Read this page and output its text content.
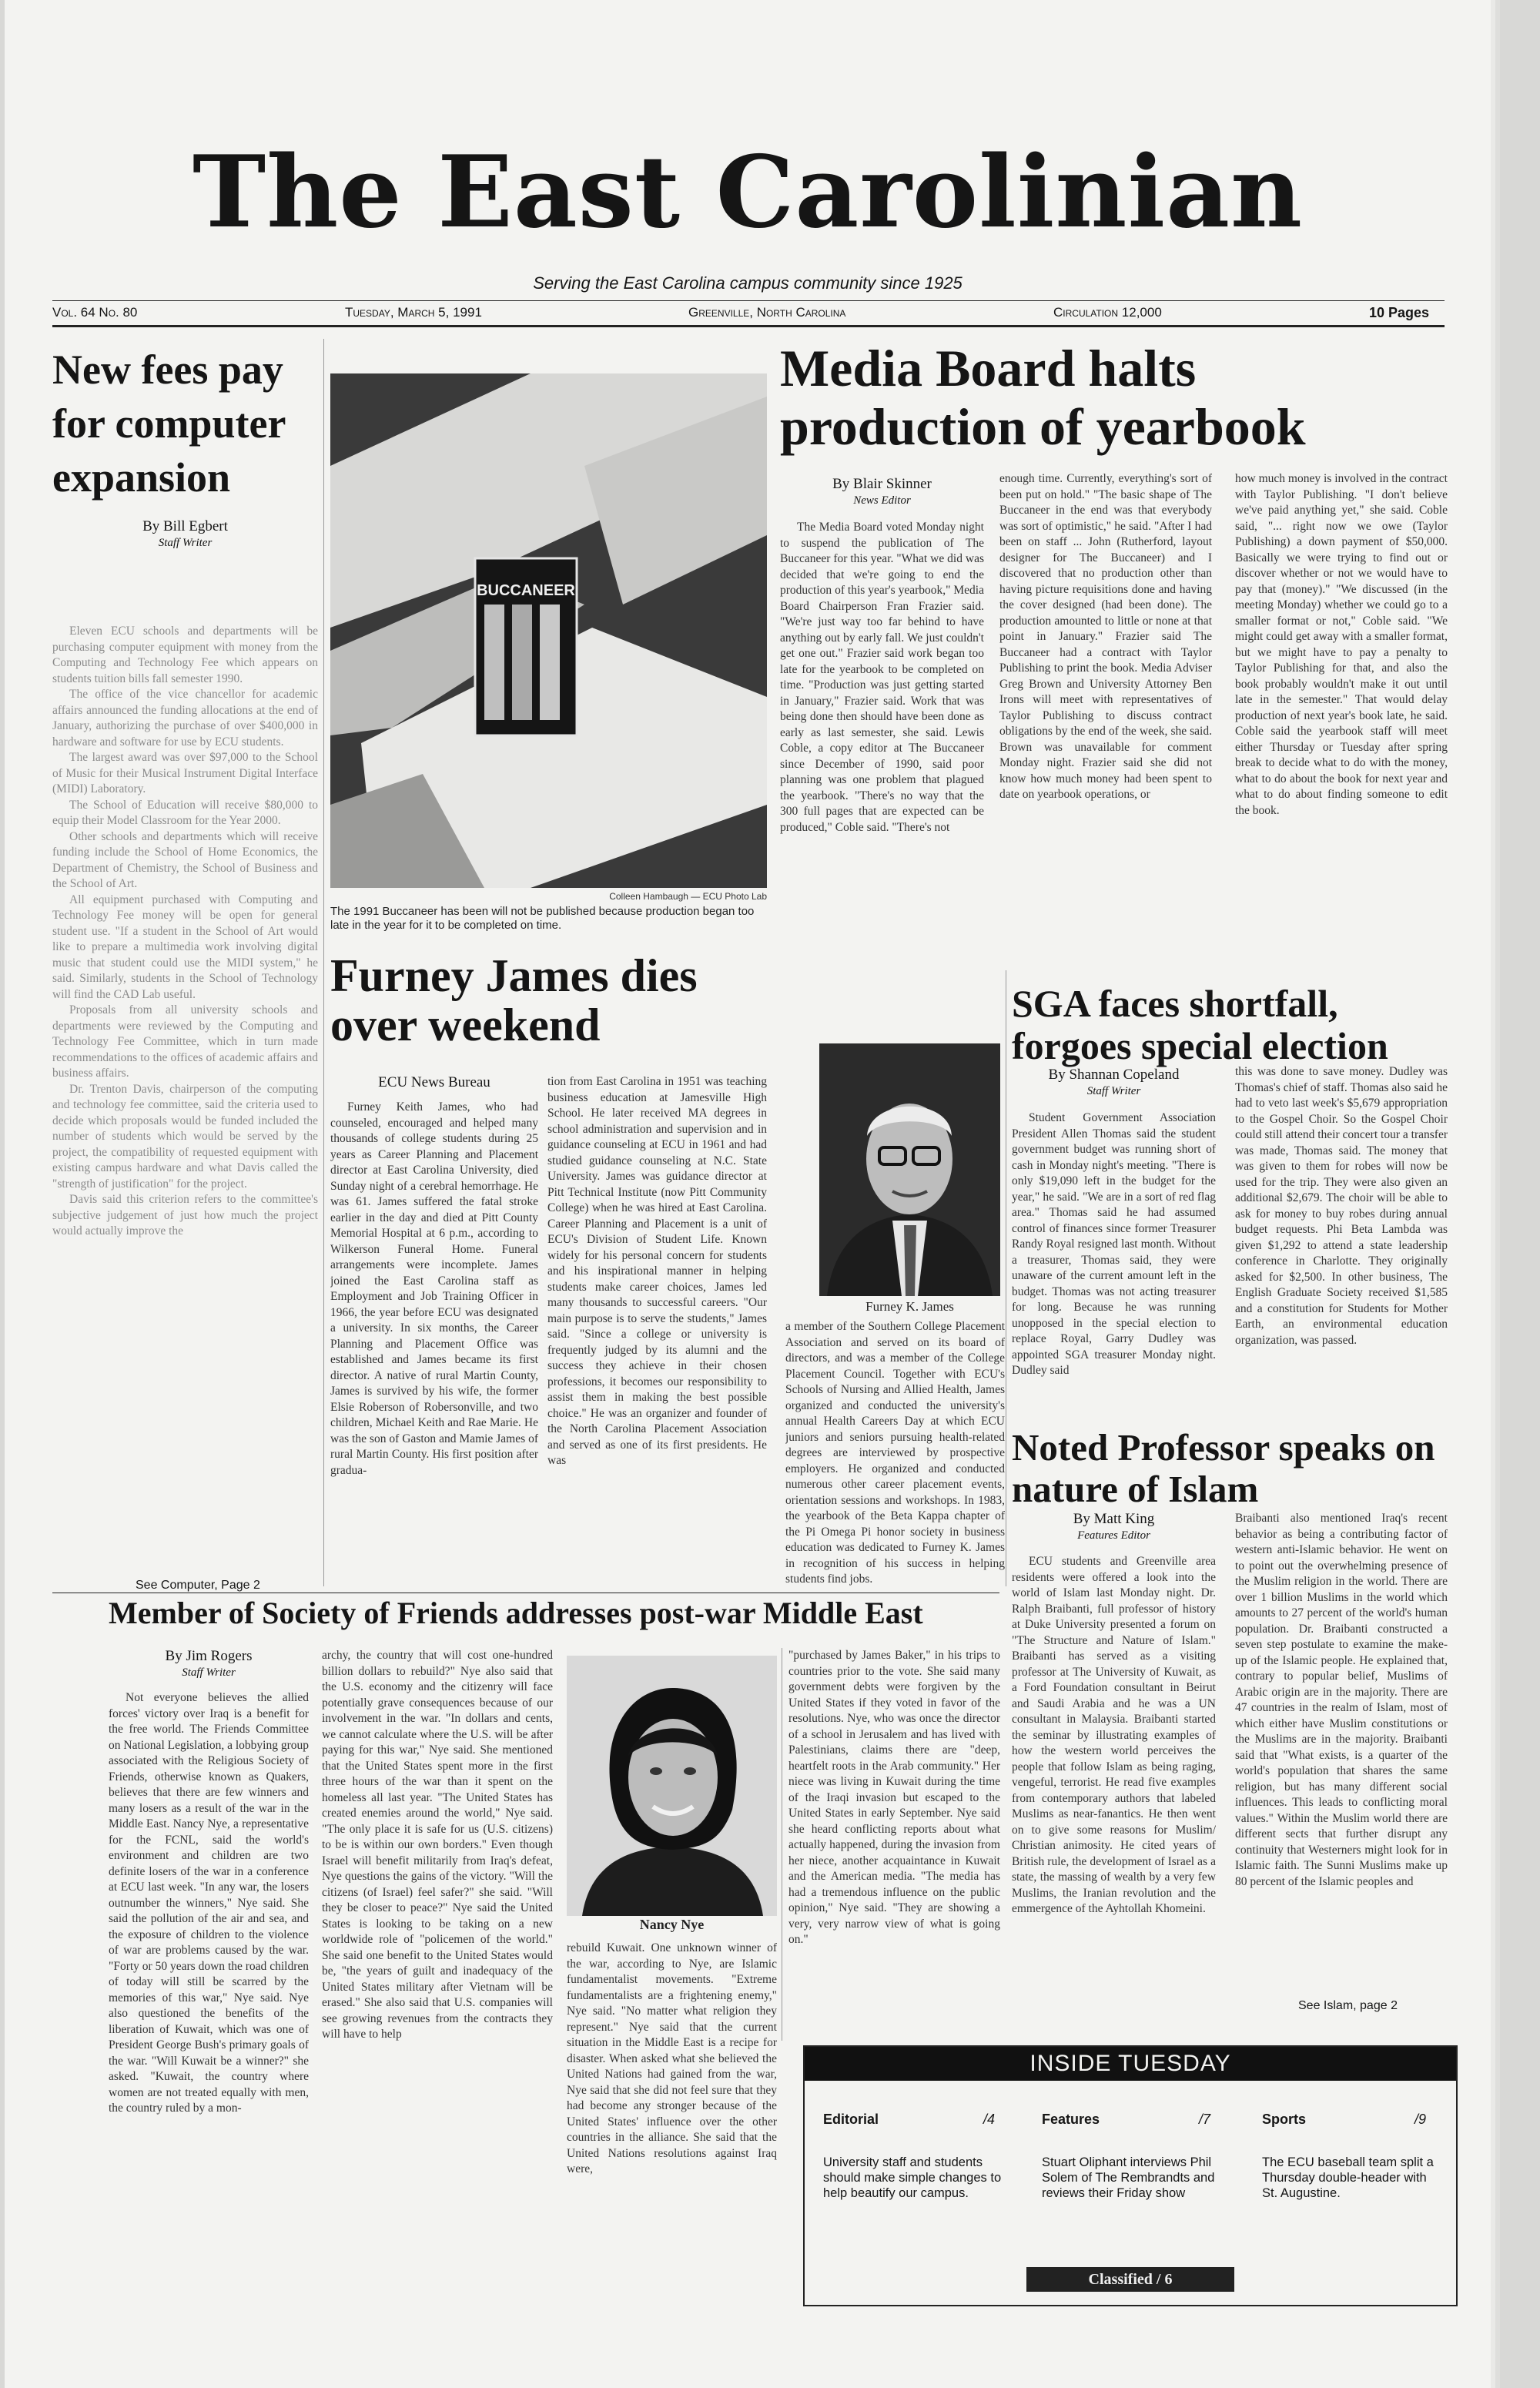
The East Carolinian
Serving the East Carolina campus community since 1925
Vol. 64 No. 80	Tuesday, March 5, 1991	Greenville, North Carolina	Circulation 12,000	10 Pages
New fees pay for computer expansion
By Bill Egbert
Staff Writer

Eleven ECU schools and departments will be purchasing computer equipment with money from the Computing and Technology Fee which appears on students tuition bills fall semester 1990.

The office of the vice chancellor for academic affairs announced the funding allocations at the end of January, authorizing the purchase of over $400,000 in hardware and software for use by ECU students.

The largest award was over $97,000 to the School of Music for their Musical Instrument Digital Interface (MIDI) Laboratory.

The School of Education will receive $80,000 to equip their Model Classroom for the Year 2000.

Other schools and departments which will receive funding include the School of Home Economics, the Department of Chemistry, the School of Business and the School of Art.

All equipment purchased with Computing and Technology Fee money will be open for general student use. "If a student in the School of Art would like to prepare a multimedia work involving digital music that student could use the MIDI system," he said. Similarly, students in the School of Technology will find the CAD Lab useful.

Proposals from all university schools and departments were reviewed by the Computing and Technology Fee Committee, which in turn made recommendations to the offices of academic affairs and business affairs.

Dr. Trenton Davis, chairperson of the computing and technology fee committee, said the criteria used to decide which proposals would be funded included the number of students which would be served by the project, the compatibility of requested equipment with existing campus hardware and what Davis called the "strength of justification" for the project.

Davis said this criterion refers to the committee's subjective judgement of just how much the project would actually improve the

See Computer, Page 2
BUCCANEER
Colleen Hambaugh — ECU Photo Lab
The 1991 Buccaneer has been will not be published because production began too late in the year for it to be completed on time.
Media Board halts production of yearbook
By Blair Skinner
News Editor

The Media Board voted Monday night to suspend the publication of The Buccaneer for this year. "What we did was decided that we're going to end the production of this year's yearbook," Media Board Chairperson Fran Frazier said. "We're just way too far behind to have anything out by early fall. We just couldn't get one out." Frazier said work began too late for the yearbook to be completed on time. "Production was just getting started in January," Frazier said. Work that was being done then should have been done as early as last semester, she said. Lewis Coble, a copy editor at The Buccaneer since December of 1990, said poor planning was one problem that plagued the yearbook. "There's no way that the 300 full pages that are expected can be produced," Coble said. "There's not

enough time. Currently, everything's sort of been put on hold." "The basic shape of The Buccaneer in the end was that everybody was sort of optimistic," he said. "After I had been on staff ... John (Rutherford, layout designer for The Buccaneer) and I discovered that no production other than having picture requisitions done and having the cover designed (had been done). The production amounted to little or none at that point in January." Frazier said The Buccaneer had a contract with Taylor Publishing to print the book. Media Adviser Greg Brown and University Attorney Ben Irons will meet with representatives of Taylor Publishing to discuss contract obligations by the end of the week, she said. Brown was unavailable for comment Monday night. Frazier said she did not know how much money had been spent to date on yearbook operations, or

how much money is involved in the contract with Taylor Publishing. "I don't believe we've paid anything yet," she said. Coble said, "... right now we owe (Taylor Publishing) a down payment of $50,000. Basically we were trying to find out or discover whether or not we would have to pay that (money)." "We discussed (in the meeting Monday) whether we could go to a smaller format or not," Coble said. "We might could get away with a smaller format, but we might have to pay a penalty to Taylor Publishing for that, and also the book probably wouldn't make it out until late in the semester." That would delay production of next year's book late, he said. Coble said the yearbook staff will meet either Thursday or Tuesday after spring break to decide what to do with the money, what to do about the book for next year and what to do about finding someone to edit the book.

Furney James dies over weekend
ECU News Bureau

Furney Keith James, who had counseled, encouraged and helped many thousands of college students during 25 years as Career Planning and Placement director at East Carolina University, died Sunday night of a cerebral hemorrhage. He was 61. James suffered the fatal stroke earlier in the day and died at Pitt County Memorial Hospital at 6 p.m., according to Wilkerson Funeral Home. Funeral arrangements were incomplete. James joined the East Carolina staff as Employment and Job Training Officer in 1966, the year before ECU was designated a university. In six months, the Career Planning and Placement Office was established and James became its first director. A native of rural Martin County, James is survived by his wife, the former Elsie Roberson of Robersonville, and two children, Michael Keith and Rae Marie. He was the son of Gaston and Mamie James of rural Martin County. His first position after gradua-

tion from East Carolina in 1951 was teaching business education at Jamesville High School. He later received MA degrees in school administration and supervision and in guidance counseling at ECU in 1961 and had studied guidance counseling at N.C. State University. James was guidance director at Pitt Technical Institute (now Pitt Community College) when he was hired at East Carolina. Career Planning and Placement is a unit of ECU's Division of Student Life. Known widely for his personal concern for students and his inspirational manner in helping students make career choices, James led many thousands to successful careers. "Our main purpose is to serve the students," James said. "Since a college or university is frequently judged by its alumni and the success they achieve in their chosen professions, it becomes our responsibility to assist them in making the best possible choice." He was an organizer and founder of the North Carolina Placement Association and served as one of its first presidents. He was

Furney K. James

a member of the Southern College Placement Association and served on its board of directors, and was a member of the College Placement Council. Together with ECU's Schools of Nursing and Allied Health, James organized and conducted the university's annual Health Careers Day at which ECU juniors and seniors pursuing health-related degrees are interviewed by prospective employers. He organized and conducted numerous other career placement events, orientation sessions and workshops. In 1983, the yearbook of the Beta Kappa chapter of the Pi Omega Pi honor society in business education was dedicated to Furney K. James in recognition of his success in helping students find jobs.

SGA faces shortfall, forgoes special election
By Shannan Copeland
Staff Writer

Student Government Association President Allen Thomas said the student government budget was running short of cash in Monday night's meeting. "There is only $19,090 left in the budget for the year," he said. "We are in a sort of red flag area." Thomas said he had assumed control of finances since former Treasurer Randy Royal resigned last month. Without a treasurer, Thomas said, they were unaware of the current amount left in the budget. Thomas was not acting treasurer for long. Because he was running unopposed in the special election to replace Royal, Garry Dudley was appointed SGA treasurer Monday night. Dudley said

this was done to save money. Dudley was Thomas's chief of staff. Thomas also said he had to veto last week's $5,679 appropriation to the Gospel Choir. So the Gospel Choir could still attend their concert tour a transfer was made, Thomas said. The money that was given to them for robes will now be used for the trip. They were also given an additional $2,679. The choir will be able to ask for money to buy robes during annual budget requests. Phi Beta Lambda was given $1,292 to attend a state leadership conference in Charlotte. They originally asked for $2,500. In other business, The English Graduate Society received $1,585 and a constitution for Students for Mother Earth, an environmental education organization, was passed.

Noted Professor speaks on nature of Islam
By Matt King
Features Editor

ECU students and Greenville area residents were offered a look into the world of Islam last Monday night. Dr. Ralph Braibanti, full professor of history at Duke University presented a forum on "The Structure and Nature of Islam." Braibanti has served as a visiting professor at The University of Kuwait, as a Ford Foundation consultant in Beirut and Saudi Arabia and he was a UN consultant in Malaysia. Braibanti started the seminar by illustrating examples of how the western world perceives the people that follow Islam as being raging, vengeful, terrorist. He read five examples from contemporary authors that labeled Muslims as near-fanantics. He then went on to give some reasons for Muslim/ Christian animosity. He cited years of British rule, the development of Israel as a state, the massing of wealth by a very few Muslims, the Iranian revolution and the emmergence of the Ayhtollah Khomeini.

Braibanti also mentioned Iraq's recent behavior as being a contributing factor of western anti-Islamic behavior. He went on to point out the overwhelming presence of the Muslim religion in the world. There are over 1 billion Muslims in the world which amounts to 27 percent of the world's human population. Dr. Braibanti constructed a seven step postulate to examine the make-up of the Islamic people. He explained that, contrary to popular belief, Muslims of Arabic origin are in the majority. There are 47 countries in the realm of Islam, most of which either have Muslim constitutions or the Muslims are in the majority. Braibanti said that "What exists, is a quarter of the world's population that shares the same religion, but has many different social influences. This leads to conflicting moral values." Within the Muslim world there are different sects that further disrupt any continuity that Westerners might look for in Islamic faith. The Sunni Muslims make up 80 percent of the Islamic peoples and

See Islam, page 2
Member of Society of Friends addresses post-war Middle East
By Jim Rogers
Staff Writer

Not everyone believes the allied forces' victory over Iraq is a benefit for the free world. The Friends Committee on National Legislation, a lobbying group associated with the Religious Society of Friends, otherwise known as Quakers, believes that there are few winners and many losers as a result of the war in the Middle East. Nancy Nye, a representative for the FCNL, said the world's environment and children are two definite losers of the war in a conference at ECU last week. "In any war, the losers outnumber the winners," Nye said. She said the pollution of the air and sea, and the exposure of children to the violence of war are problems caused by the war. "Forty or 50 years down the road children of today will still be scarred by the memories of this war," Nye said. Nye also questioned the benefits of the liberation of Kuwait, which was one of President George Bush's primary goals of the war. "Will Kuwait be a winner?" she asked. "Kuwait, the country where women are not treated equally with men, the country ruled by a mon-

archy, the country that will cost one-hundred billion dollars to rebuild?" Nye also said that the U.S. economy and the citizenry will face potentially grave consequences because of our involvement in the war. "In dollars and cents, we cannot calculate where the U.S. will be after paying for this war," Nye said. She mentioned that the United States spent more in the first three hours of the war than it spent on the homeless all last year. "The United States has created enemies around the world," Nye said. "The only place it is safe for us (U.S. citizens) to be is within our own borders." Even though Israel will benefit militarily from Iraq's defeat, Nye questions the gains of the victory. "Will the citizens (of Israel) feel safer?" she said. "Will they be closer to peace?" Nye said the United States is looking to be taking on a new worldwide role of "policemen of the world." She said one benefit to the United States would be, "the years of guilt and inadequacy of the United States military after Vietnam will be erased." She also said that U.S. companies will see growing revenues from the contracts they will have to help

Nancy Nye

rebuild Kuwait. One unknown winner of the war, according to Nye, are Islamic fundamentalist movements. "Extreme fundamentalists are a frightening enemy," Nye said. "No matter what religion they represent." Nye said that the current situation in the Middle East is a recipe for disaster. When asked what she believed the United Nations had gained from the war, Nye said that she did not feel sure that they had become any stronger because of the United States' influence over the other countries in the alliance. She said that the United Nations resolutions against Iraq were,

"purchased by James Baker," in his trips to countries prior to the vote. She said many government debts were forgiven by the United States if they voted in favor of the resolutions. Nye, who was once the director of a school in Jerusalem and has lived with Palestinians, claims there are "deep, heartfelt roots in the Arab community." Her niece was living in Kuwait during the time of the Iraqi invasion but escaped to the United States in early September. Nye said she heard conflicting reports about what actually happened, during the invasion from her niece, another acquaintance in Kuwait and the American media. "The media has had a tremendous influence on the public opinion," Nye said. "They are showing a very, very narrow view of what is going on."

INSIDE TUESDAY
Editorial	/4
University staff and students should make simple changes to help beautify our campus.
Features	/7
Stuart Oliphant interviews Phil Solem of The Rembrandts and reviews their Friday show
Sports	/9
The ECU baseball team split a Thursday double-header with St. Augustine.
Classified / 6
